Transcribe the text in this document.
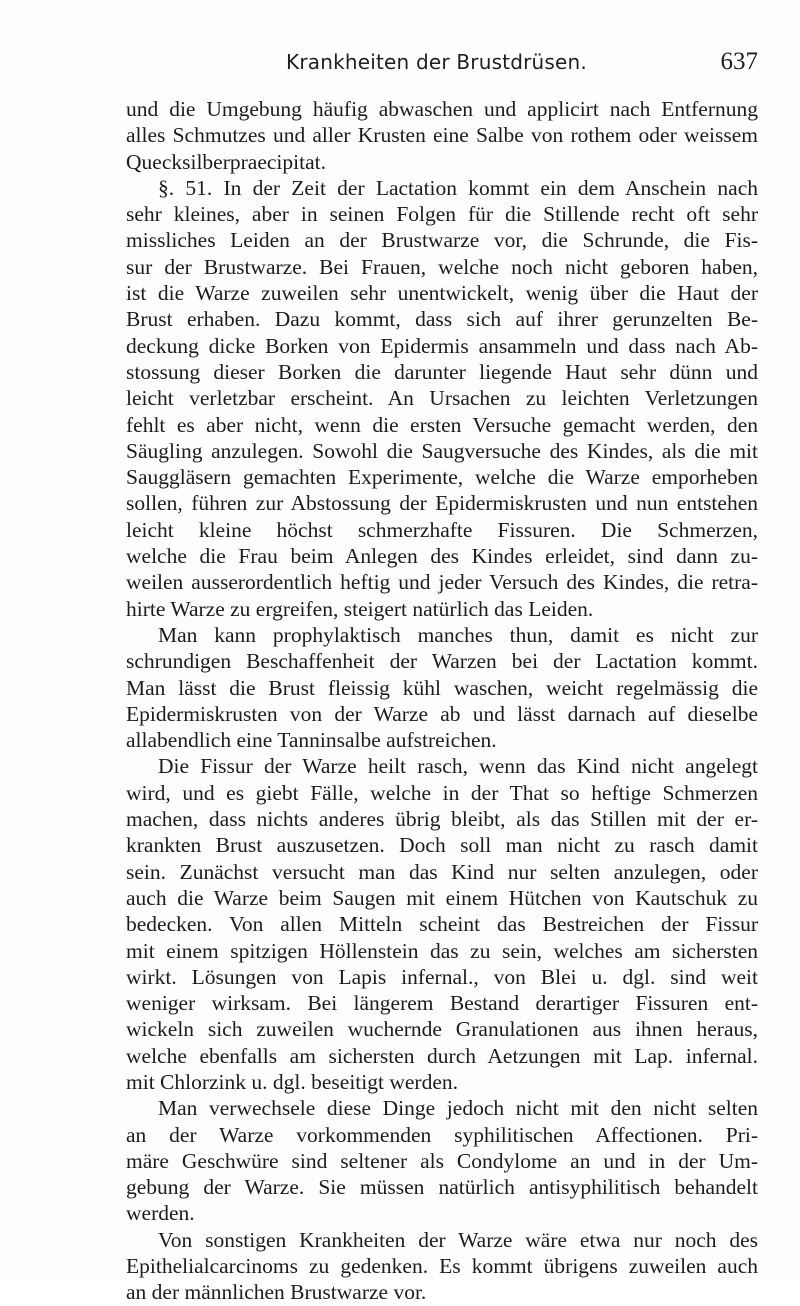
Krankheiten der Brustdrüsen.	637
und die Umgebung häufig abwaschen und applicirt nach Entfernung
alles Schmutzes und aller Krusten eine Salbe von rothem oder weissem
Quecksilberpraecipitat.
§. 51. In der Zeit der Lactation kommt ein dem Anschein nach
sehr kleines, aber in seinen Folgen für die Stillende recht oft sehr
missliches Leiden an der Brustwarze vor, die Schrunde, die Fis-
sur der Brustwarze. Bei Frauen, welche noch nicht geboren haben,
ist die Warze zuweilen sehr unentwickelt, wenig über die Haut der
Brust erhaben. Dazu kommt, dass sich auf ihrer gerunzelten Be-
deckung dicke Borken von Epidermis ansammeln und dass nach Ab-
stossung dieser Borken die darunter liegende Haut sehr dünn und
leicht verletzbar erscheint. An Ursachen zu leichten Verletzungen
fehlt es aber nicht, wenn die ersten Versuche gemacht werden, den
Säugling anzulegen. Sowohl die Saugversuche des Kindes, als die mit
Sauggläsern gemachten Experimente, welche die Warze emporheben
sollen, führen zur Abstossung der Epidermiskrusten und nun entstehen
leicht kleine höchst schmerzhafte Fissuren. Die Schmerzen,
welche die Frau beim Anlegen des Kindes erleidet, sind dann zu-
weilen ausserordentlich heftig und jeder Versuch des Kindes, die retra-
hirte Warze zu ergreifen, steigert natürlich das Leiden.
Man kann prophylaktisch manches thun, damit es nicht zur
schrundigen Beschaffenheit der Warzen bei der Lactation kommt.
Man lässt die Brust fleissig kühl waschen, weicht regelmässig die
Epidermiskrusten von der Warze ab und lässt darnach auf dieselbe
allabendlich eine Tanninsalbe aufstreichen.
Die Fissur der Warze heilt rasch, wenn das Kind nicht angelegt
wird, und es giebt Fälle, welche in der That so heftige Schmerzen
machen, dass nichts anderes übrig bleibt, als das Stillen mit der er-
krankten Brust auszusetzen. Doch soll man nicht zu rasch damit
sein. Zunächst versucht man das Kind nur selten anzulegen, oder
auch die Warze beim Saugen mit einem Hütchen von Kautschuk zu
bedecken. Von allen Mitteln scheint das Bestreichen der Fissur
mit einem spitzigen Höllenstein das zu sein, welches am sichersten
wirkt. Lösungen von Lapis infernal., von Blei u. dgl. sind weit
weniger wirksam. Bei längerem Bestand derartiger Fissuren ent-
wickeln sich zuweilen wuchernde Granulationen aus ihnen heraus,
welche ebenfalls am sichersten durch Aetzungen mit Lap. infernal.
mit Chlorzink u. dgl. beseitigt werden.
Man verwechsele diese Dinge jedoch nicht mit den nicht selten
an der Warze vorkommenden syphilitischen Affectionen. Pri-
märe Geschwüre sind seltener als Condylome an und in der Um-
gebung der Warze. Sie müssen natürlich antisyphilitisch behandelt
werden.
Von sonstigen Krankheiten der Warze wäre etwa nur noch des
Epithelialcarcinoms zu gedenken. Es kommt übrigens zuweilen auch
an der männlichen Brustwarze vor.
